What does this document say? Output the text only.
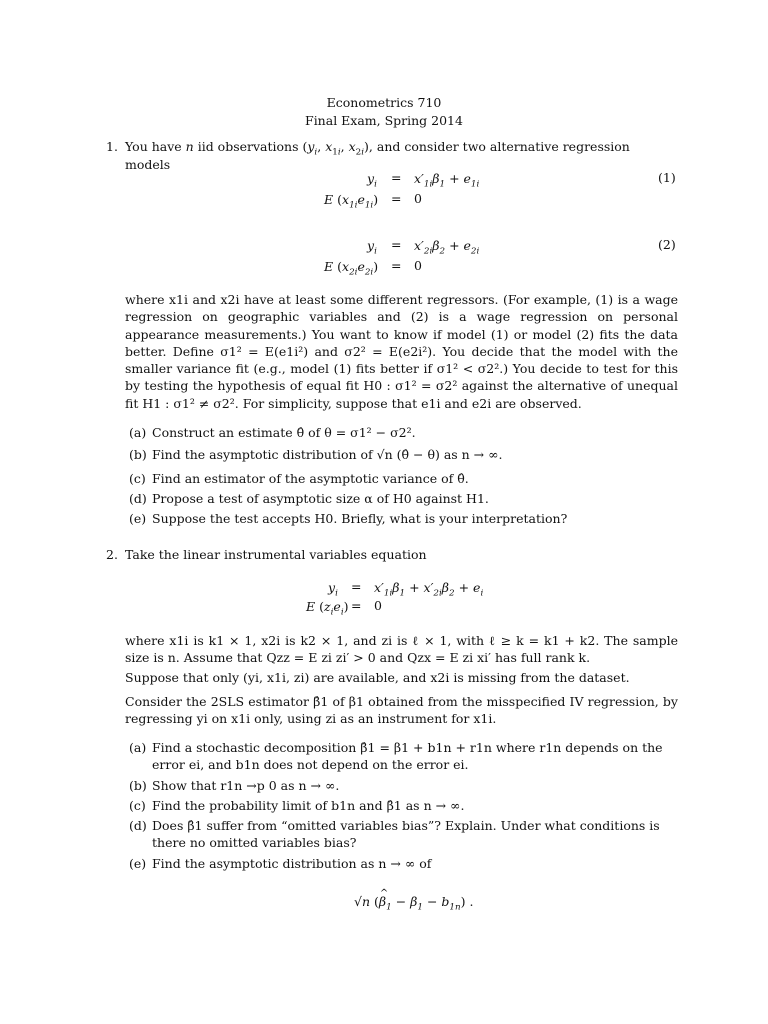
Econometrics 710
Final Exam, Spring 2014
1. You have n iid observations ($y_i$, $x_{1i}$, $x_{2i}$), and consider two alternative regression models
$y_i = x'_{1i}\beta_1 + e_{1i}$	(1)
E $(x_{1i}e_{1i}) = 0$
$y_i = x'_{2i}\beta_2 + e_{2i}$	(2)
E $(x_{2i}e_{2i}) = 0$
where x1i and x2i have at least some different regressors. (For example, (1) is a wage regression on geographic variables and (2) is a wage regression on personal appearance measurements.) You want to know if model (1) or model (2) fits the data better. Define σ1² = E(e1i²) and σ2² = E(e2i²). You decide that the model with the smaller variance fit (e.g., model (1) fits better if σ1² < σ2².) You decide to test for this by testing the hypothesis of equal fit H0 : σ1² = σ2² against the alternative of unequal fit H1 : σ1² ≠ σ2². For simplicity, suppose that e1i and e2i are observed.
(a) Construct an estimate θ̂ of θ = σ1² − σ2².
(b) Find the asymptotic distribution of √n (θ̂ − θ) as n → ∞.
(c) Find an estimator of the asymptotic variance of θ̂.
(d) Propose a test of asymptotic size α of H0 against H1.
(e) Suppose the test accepts H0. Briefly, what is your interpretation?
2. Take the linear instrumental variables equation
$y_i = x'_{1i}\beta_1 + x'_{2i}\beta_2 + e_i$
E $(z_ie_i) = 0$
where x1i is k1 × 1, x2i is k2 × 1, and zi is ℓ × 1, with ℓ ≥ k = k1 + k2. The sample size is n. Assume that Qzz = E zi zi′ > 0 and Qzx = E zi xi′ has full rank k.
Suppose that only (yi, x1i, zi) are available, and x2i is missing from the dataset.
Consider the 2SLS estimator β̂1 of β1 obtained from the misspecified IV regression, by regressing yi on x1i only, using zi as an instrument for x1i.
(a) Find a stochastic decomposition β̂1 = β1 + b1n + r1n where r1n depends on the error ei, and b1n does not depend on the error ei.
(b) Show that r1n →p 0 as n → ∞.
(c) Find the probability limit of b1n and β̂1 as n → ∞.
(d) Does β̂1 suffer from “omitted variables bias”? Explain. Under what conditions is there no omitted variables bias?
(e) Find the asymptotic distribution as n → ∞ of
√n (^ $\beta_1 - \beta_1 - b_{1n}$) .
